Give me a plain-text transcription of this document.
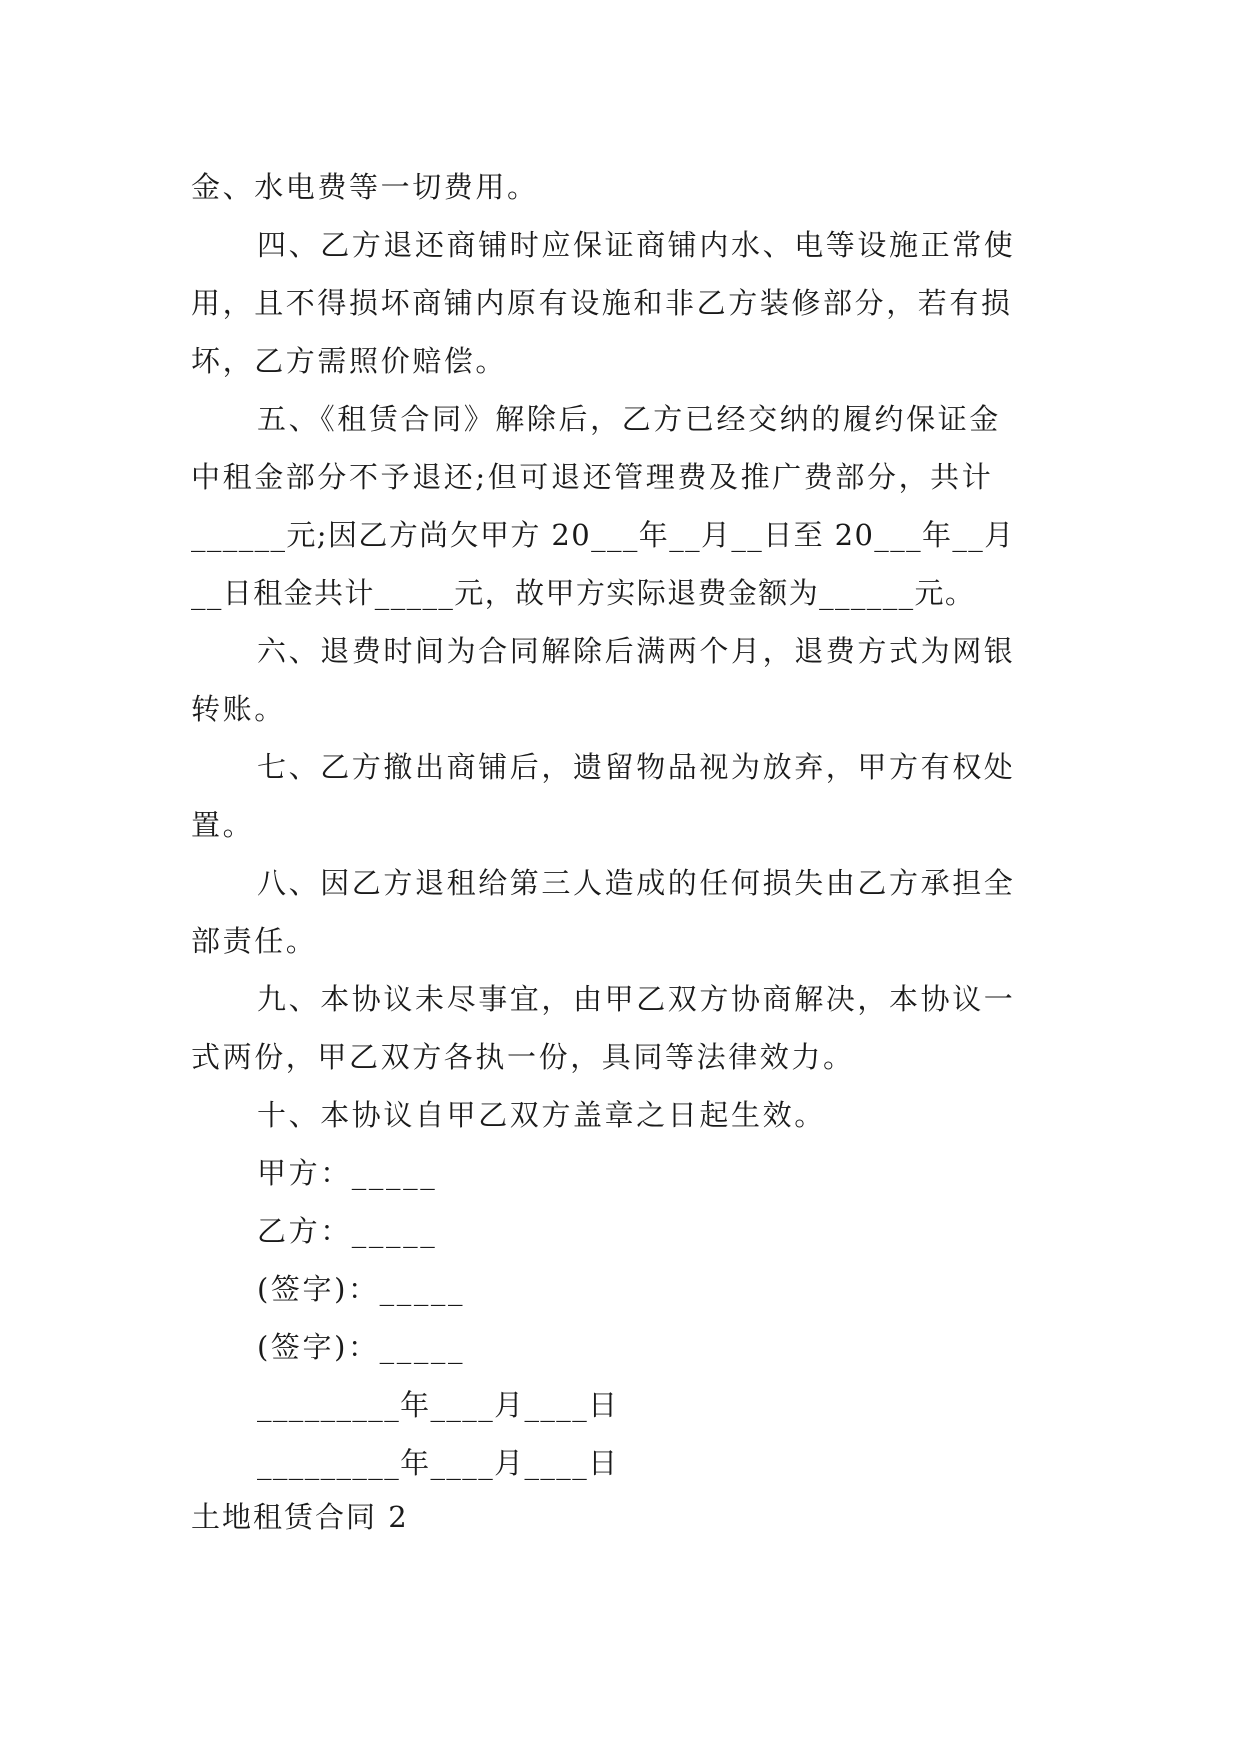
金、水电费等一切费用。
四、乙方退还商铺时应保证商铺内水、电等设施正常使
用，且不得损坏商铺内原有设施和非乙方装修部分，若有损
坏，乙方需照价赔偿。
五、《租赁合同》解除后，乙方已经交纳的履约保证金
中租金部分不予退还;但可退还管理费及推广费部分，共计
______元;因乙方尚欠甲方 20___年__月__日至 20___年__月
__日租金共计_____元，故甲方实际退费金额为______元。
六、退费时间为合同解除后满两个月，退费方式为网银
转账。
七、乙方撤出商铺后，遗留物品视为放弃，甲方有权处
置。
八、因乙方退租给第三人造成的任何损失由乙方承担全
部责任。
九、本协议未尽事宜，由甲乙双方协商解决，本协议一
式两份，甲乙双方各执一份，具同等法律效力。
十、本协议自甲乙双方盖章之日起生效。
甲方：_____
乙方：_____
(签字)：_____
(签字)：_____
_________年____月____日
_________年____月____日
土地租赁合同 2
